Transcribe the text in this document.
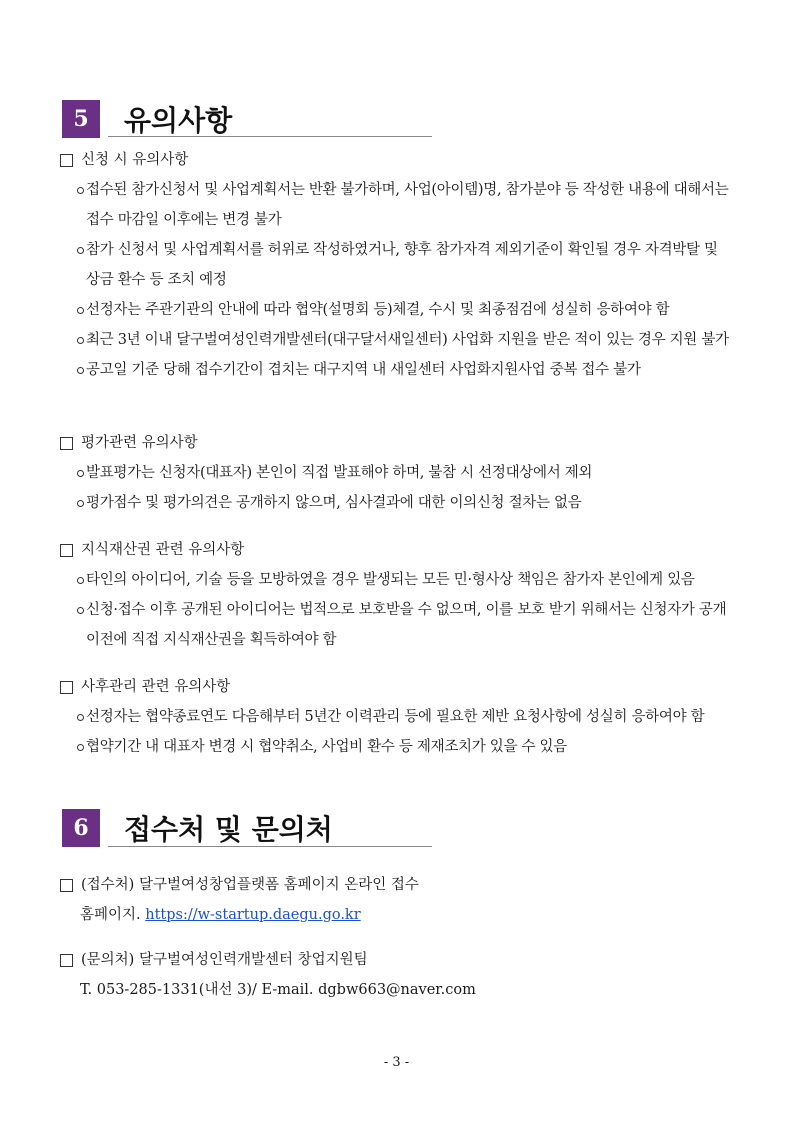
5	유의사항
신청 시 유의사항
접수된 참가신청서 및 사업계획서는 반환 불가하며, 사업(아이템)명, 참가분야 등 작성한 내용에 대해서는 접수 마감일 이후에는 변경 불가
참가 신청서 및 사업계획서를 허위로 작성하였거나, 향후 참가자격 제외기준이 확인될 경우 자격박탈 및 상금 환수 등 조치 예정
선정자는 주관기관의 안내에 따라 협약(설명회 등)체결, 수시 및 최종점검에 성실히 응하여야 함
최근 3년 이내 달구벌여성인력개발센터(대구달서새일센터) 사업화 지원을 받은 적이 있는 경우 지원 불가
공고일 기준 당해 접수기간이 겹치는 대구지역 내 새일센터 사업화지원사업 중복 접수 불가
평가관련 유의사항
발표평가는 신청자(대표자) 본인이 직접 발표해야 하며, 불참 시 선정대상에서 제외
평가점수 및 평가의견은 공개하지 않으며, 심사결과에 대한 이의신청 절차는 없음
지식재산권 관련 유의사항
타인의 아이디어, 기술 등을 모방하였을 경우 발생되는 모든 민·형사상 책임은 참가자 본인에게 있음
신청·접수 이후 공개된 아이디어는 법적으로 보호받을 수 없으며, 이를 보호 받기 위해서는 신청자가 공개 이전에 직접 지식재산권을 획득하여야 함
사후관리 관련 유의사항
선정자는 협약종료연도 다음해부터 5년간 이력관리 등에 필요한 제반 요청사항에 성실히 응하여야 함
협약기간 내 대표자 변경 시 협약취소, 사업비 환수 등 제재조치가 있을 수 있음
6	접수처 및 문의처
(접수처) 달구벌여성창업플랫폼 홈페이지 온라인 접수
홈페이지. https://w-startup.daegu.go.kr
(문의처) 달구벌여성인력개발센터 창업지원팀
T. 053-285-1331(내선 3)/ E-mail. dgbw663@naver.com
- 3 -
